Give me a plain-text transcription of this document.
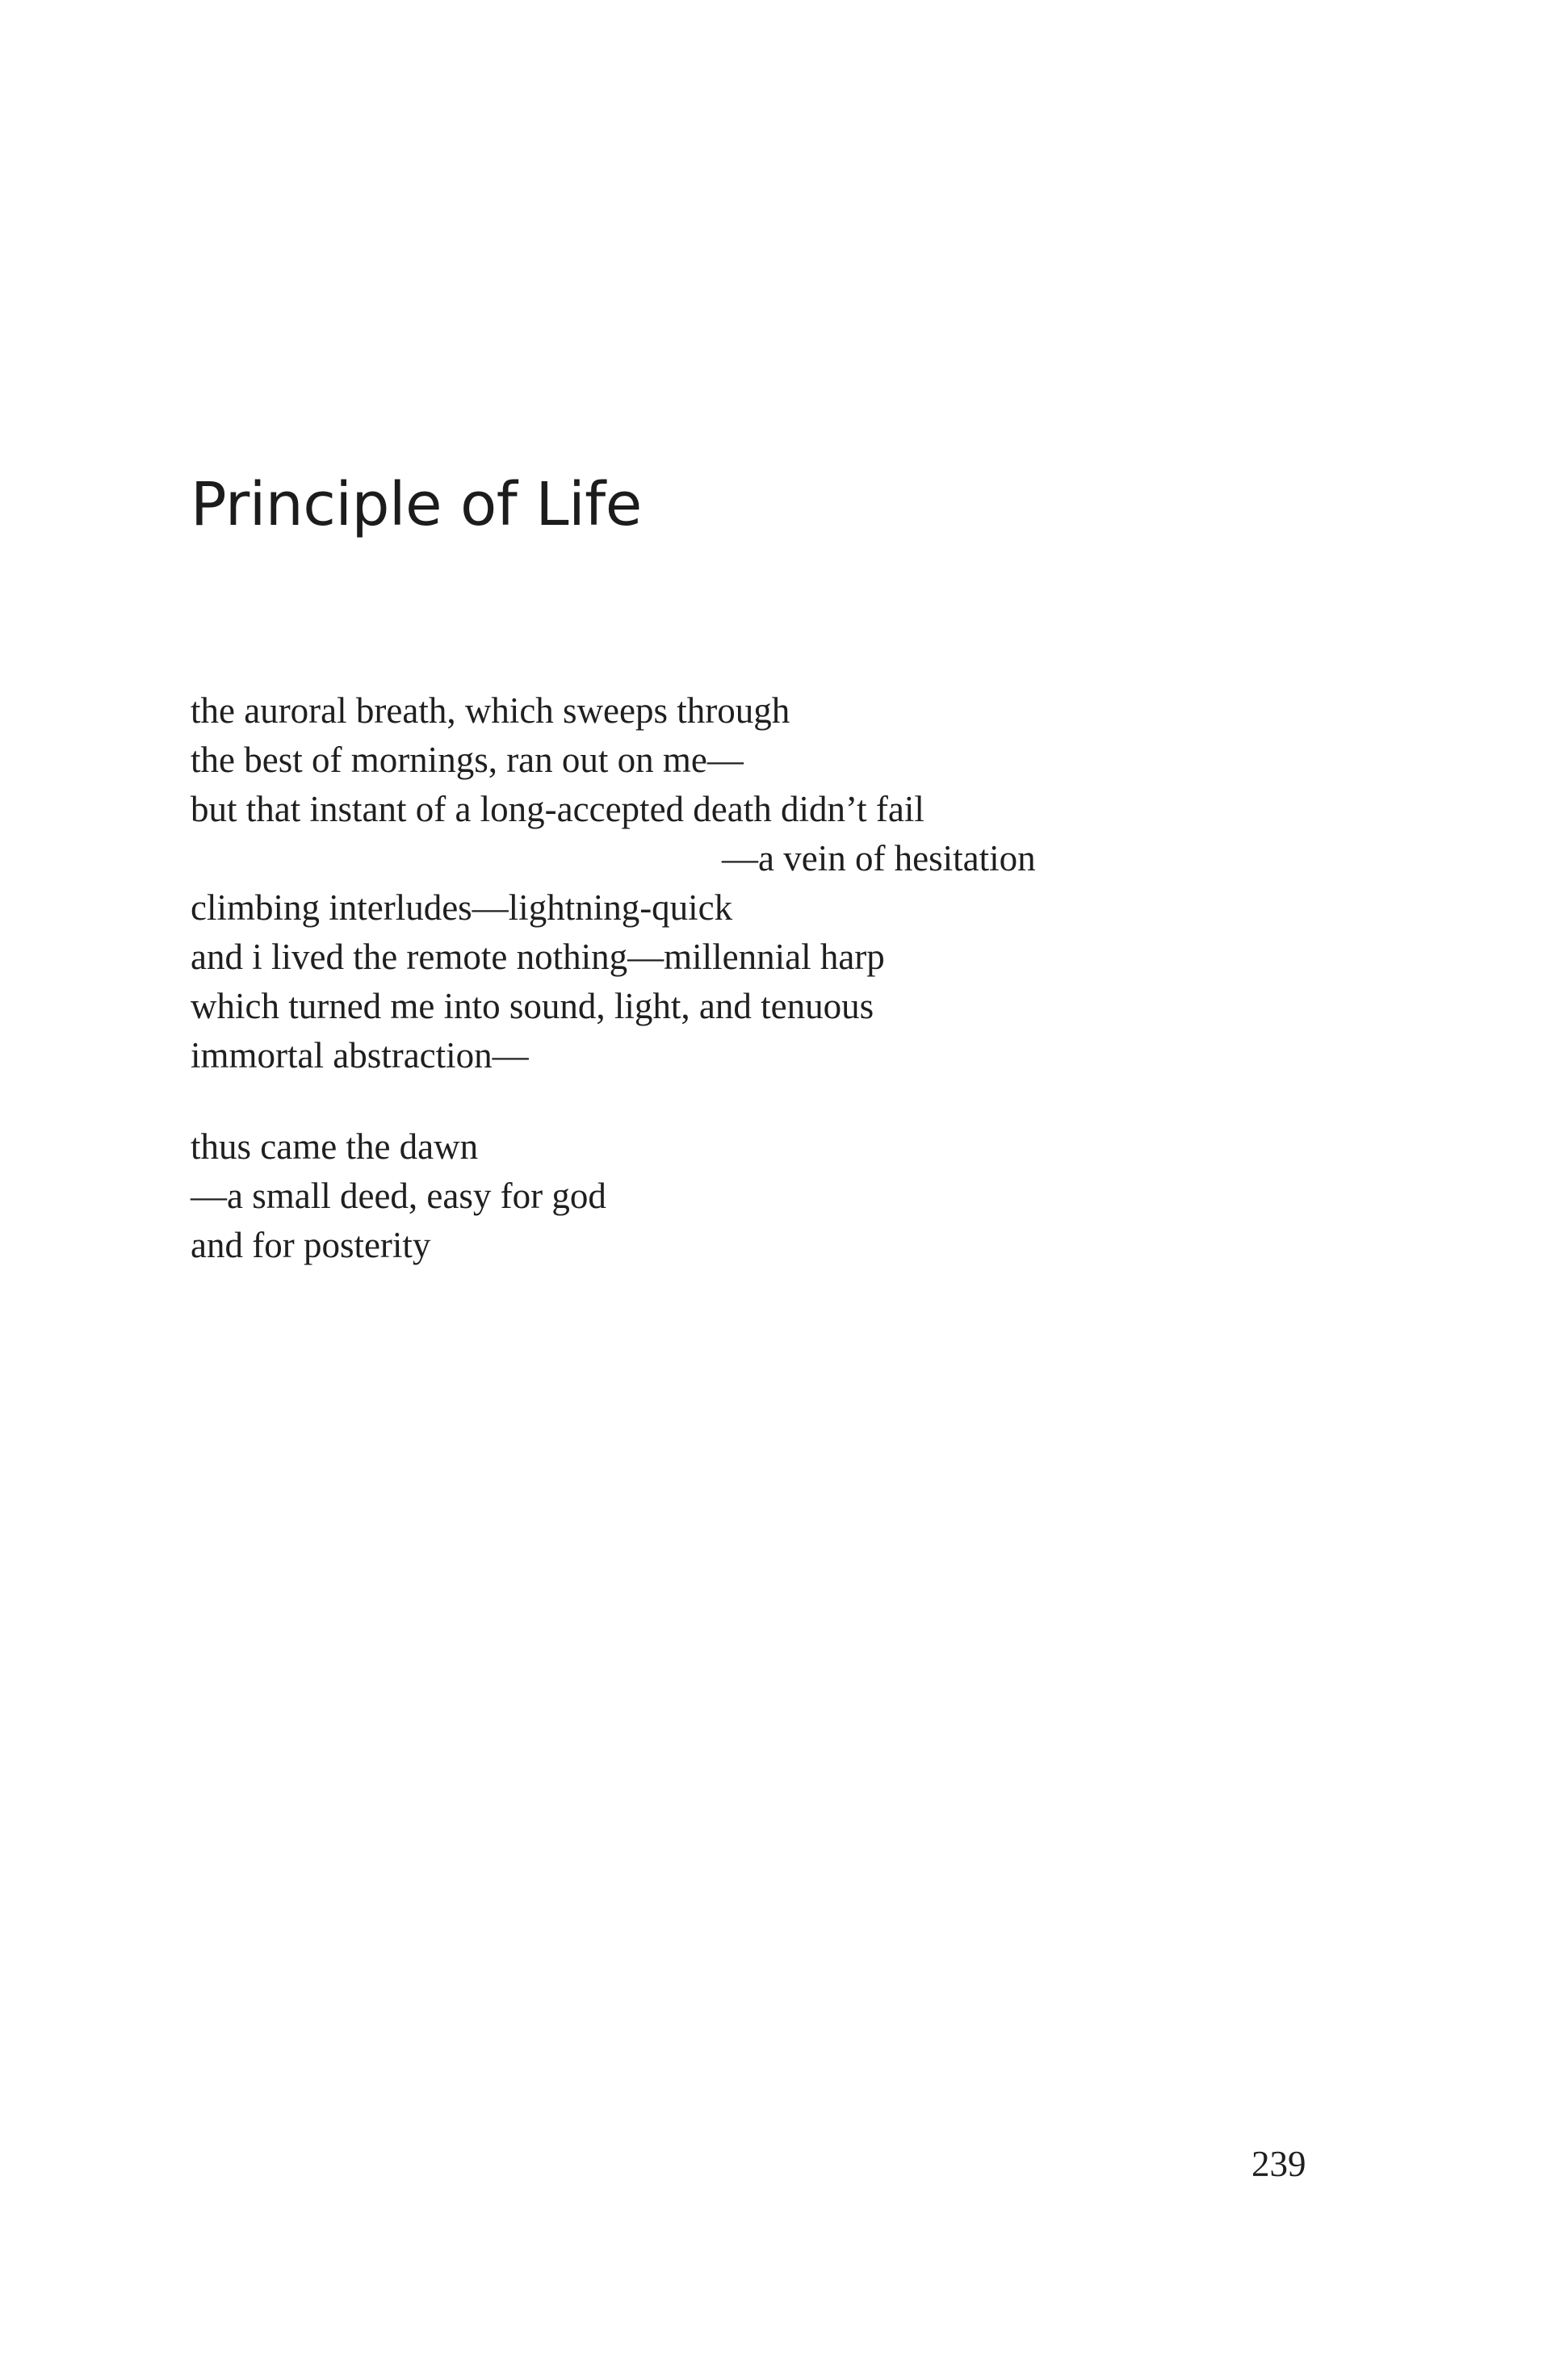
Principle of Life
the auroral breath, which sweeps through
the best of mornings, ran out on me—
but that instant of a long-accepted death didn’t fail
—a vein of hesitation
climbing interludes—lightning-quick
and i lived the remote nothing—millennial harp
which turned me into sound, light, and tenuous
immortal abstraction—
thus came the dawn
—a small deed, easy for god
and for posterity
239
